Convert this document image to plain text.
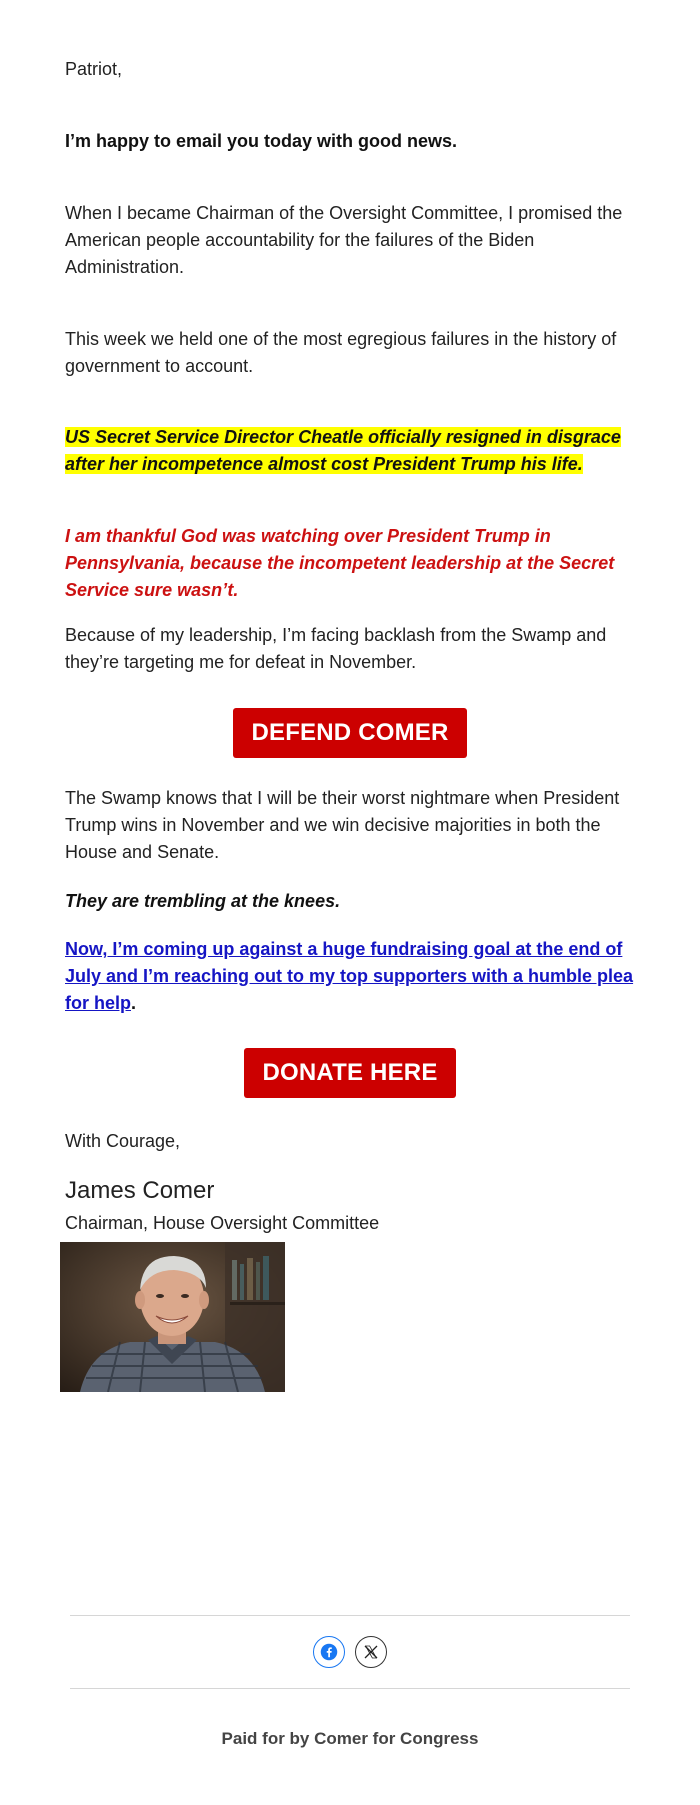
Patriot,

I’m happy to email you today with good news.

When I became Chairman of the Oversight Committee, I promised the American people accountability for the failures of the Biden Administration.

This week we held one of the most egregious failures in the history of government to account.

US Secret Service Director Cheatle officially resigned in disgrace
after her incompetence almost cost President Trump his life.

I am thankful God was watching over President Trump in Pennsylvania, because the incompetent leadership at the Secret Service sure wasn’t.

Because of my leadership, I’m facing backlash from the Swamp and they’re targeting me for defeat in November.

The Swamp knows that I will be their worst nightmare when President Trump wins in November and we win decisive majorities in both the House and Senate.

They are trembling at the knees.

Now, I’m coming up against a huge fundraising goal at the end of July and I’m reaching out to my top supporters with a humble plea for help.

With Courage,

James Comer

Chairman, House Oversight Committee

DEFEND COMER
DONATE HERE

Paid for by Comer for Congress
